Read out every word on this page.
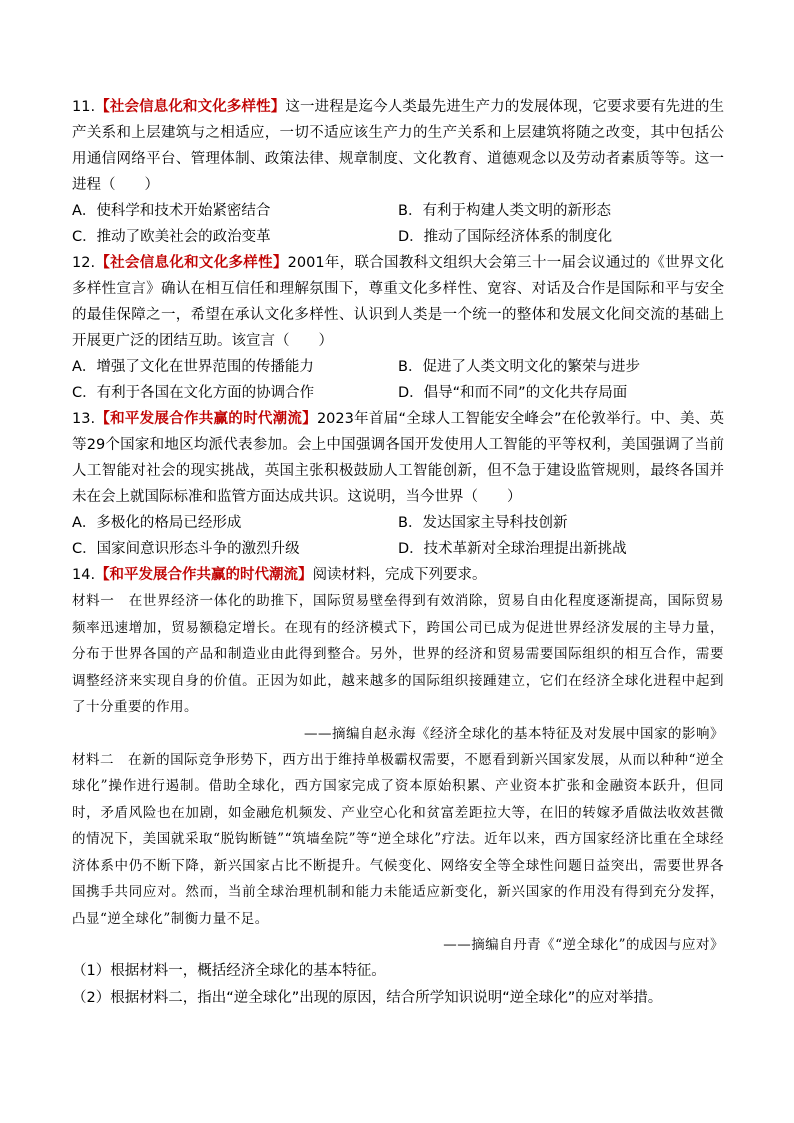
11.【社会信息化和文化多样性】这一进程是迄今人类最先进生产力的发展体现，它要求要有先进的生产关系和上层建筑与之相适应，一切不适应该生产力的生产关系和上层建筑将随之改变，其中包括公用通信网络平台、管理体制、政策法律、规章制度、文化教育、道德观念以及劳动者素质等等。这一进程（　　）

A．使科学和技术开始紧密结合	B．有利于构建人类文明的新形态
C．推动了欧美社会的政治变革	D．推动了国际经济体系的制度化

12.【社会信息化和文化多样性】2001年，联合国教科文组织大会第三十一届会议通过的《世界文化多样性宣言》确认在相互信任和理解氛围下，尊重文化多样性、宽容、对话及合作是国际和平与安全的最佳保障之一，希望在承认文化多样性、认识到人类是一个统一的整体和发展文化间交流的基础上开展更广泛的团结互助。该宣言（　　）

A．增强了文化在世界范围的传播能力	B．促进了人类文明文化的繁荣与进步
C．有利于各国在文化方面的协调合作	D．倡导“和而不同”的文化共存局面

13.【和平发展合作共赢的时代潮流】2023年首届“全球人工智能安全峰会”在伦敦举行。中、美、英等29个国家和地区均派代表参加。会上中国强调各国开发使用人工智能的平等权利，美国强调了当前人工智能对社会的现实挑战，英国主张积极鼓励人工智能创新，但不急于建设监管规则，最终各国并未在会上就国际标准和监管方面达成共识。这说明，当今世界（　　）

A．多极化的格局已经形成	B．发达国家主导科技创新
C．国家间意识形态斗争的激烈升级	D．技术革新对全球治理提出新挑战

14.【和平发展合作共赢的时代潮流】阅读材料，完成下列要求。

材料一　在世界经济一体化的助推下，国际贸易壁垒得到有效消除，贸易自由化程度逐渐提高，国际贸易频率迅速增加，贸易额稳定增长。在现有的经济模式下，跨国公司已成为促进世界经济发展的主导力量，分布于世界各国的产品和制造业由此得到整合。另外，世界的经济和贸易需要国际组织的相互合作，需要调整经济来实现自身的价值。正因为如此，越来越多的国际组织接踵建立，它们在经济全球化进程中起到了十分重要的作用。

——摘编自赵永海《经济全球化的基本特征及对发展中国家的影响》

材料二　在新的国际竞争形势下，西方出于维持单极霸权需要，不愿看到新兴国家发展，从而以种种“逆全球化”操作进行遏制。借助全球化，西方国家完成了资本原始积累、产业资本扩张和金融资本跃升，但同时，矛盾风险也在加剧，如金融危机频发、产业空心化和贫富差距拉大等，在旧的转嫁矛盾做法收效甚微的情况下，美国就采取“脱钩断链”“筑墙垒院”等“逆全球化”疗法。近年以来，西方国家经济比重在全球经济体系中仍不断下降，新兴国家占比不断提升。气候变化、网络安全等全球性问题日益突出，需要世界各国携手共同应对。然而，当前全球治理机制和能力未能适应新变化，新兴国家的作用没有得到充分发挥，凸显“逆全球化”制衡力量不足。

——摘编自丹青《“逆全球化”的成因与应对》

（1）根据材料一，概括经济全球化的基本特征。

（2）根据材料二，指出“逆全球化”出现的原因，结合所学知识说明“逆全球化”的应对举措。
